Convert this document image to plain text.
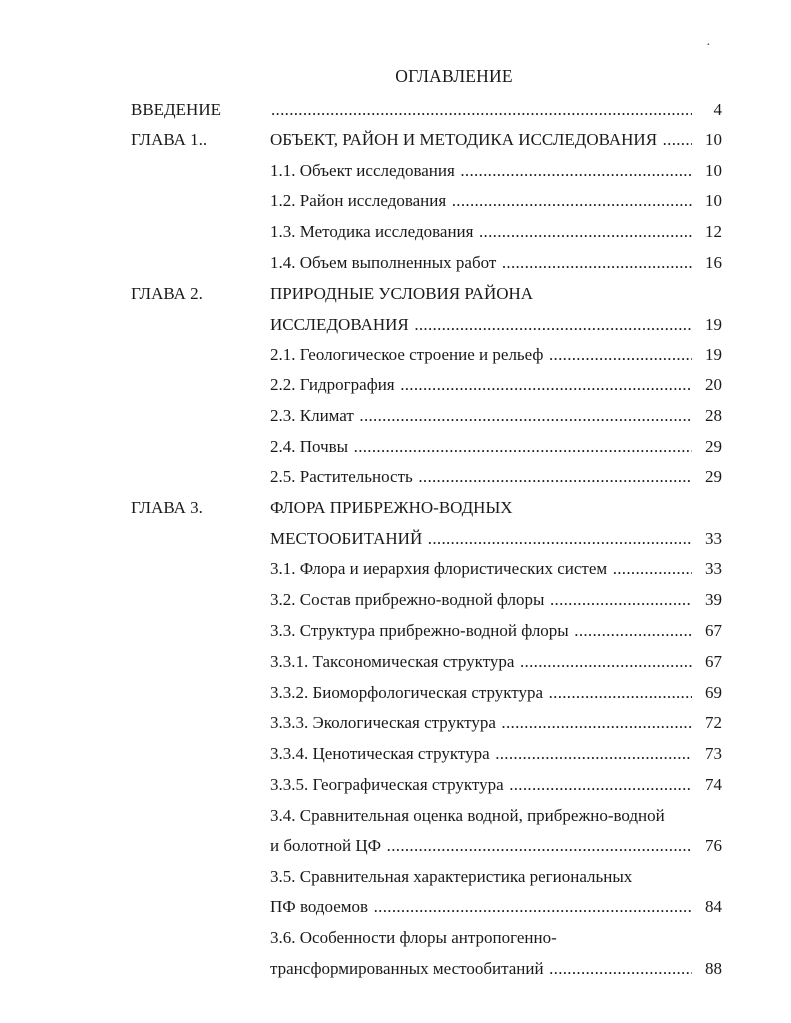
·
ОГЛАВЛЕНИЕ
ВВЕДЕНИЕ .....	4
ГЛАВА 1..	ОБЪЕКТ, РАЙОН И МЕТОДИКА ИССЛЕДОВАНИЯ .....	10
1.1. Объект исследования .....	10
1.2. Район исследования .....	10
1.3. Методика исследования .....	12
1.4. Объем выполненных работ .....	16
ГЛАВА 2.	ПРИРОДНЫЕ УСЛОВИЯ РАЙОНА
ИССЛЕДОВАНИЯ .....	19
2.1. Геологическое строение и рельеф .....	19
2.2. Гидрография .....	20
2.3. Климат .....	28
2.4. Почвы .....	29
2.5. Растительность .....	29
ГЛАВА 3.	ФЛОРА ПРИБРЕЖНО-ВОДНЫХ
МЕСТООБИТАНИЙ .....	33
3.1. Флора и иерархия флористических систем .....	33
3.2. Состав прибрежно-водной флоры .....	39
3.3. Структура прибрежно-водной флоры .....	67
3.3.1. Таксономическая структура .....	67
3.3.2. Биоморфологическая структура .....	69
3.3.3. Экологическая структура .....	72
3.3.4. Ценотическая структура .....	73
3.3.5. Географическая структура .....	74
3.4. Сравнительная оценка водной, прибрежно-водной
и болотной ЦФ .....	76
3.5. Сравнительная характеристика региональных
ПФ водоемов .....	84
3.6. Особенности флоры антропогенно-
трансформированных местообитаний .....	88
